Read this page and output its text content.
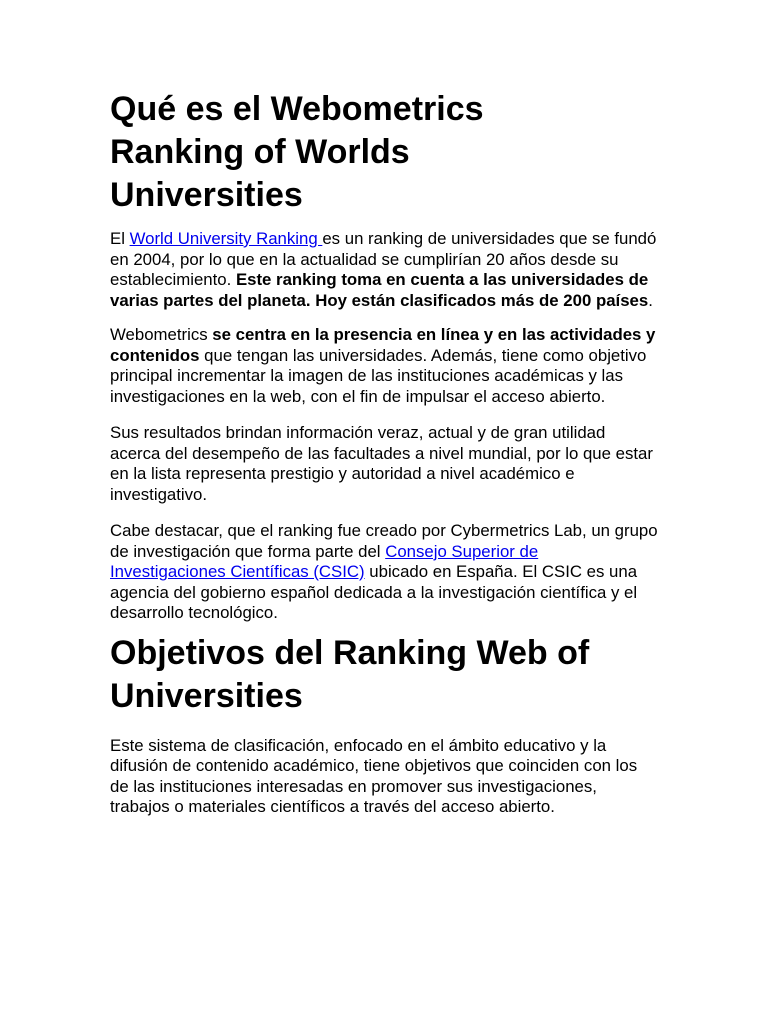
Qué es el Webometrics Ranking of Worlds Universities

El World University Ranking es un ranking de universidades que se fundó en 2004, por lo que en la actualidad se cumplirían 20 años desde su establecimiento. Este ranking toma en cuenta a las universidades de varias partes del planeta. Hoy están clasificados más de 200 países.

Webometrics se centra en la presencia en línea y en las actividades y contenidos que tengan las universidades. Además, tiene como objetivo principal incrementar la imagen de las instituciones académicas y las investigaciones en la web, con el fin de impulsar el acceso abierto.

Sus resultados brindan información veraz, actual y de gran utilidad acerca del desempeño de las facultades a nivel mundial, por lo que estar en la lista representa prestigio y autoridad a nivel académico e investigativo.

Cabe destacar, que el ranking fue creado por Cybermetrics Lab, un grupo de investigación que forma parte del Consejo Superior de Investigaciones Científicas (CSIC) ubicado en España. El CSIC es una agencia del gobierno español dedicada a la investigación científica y el desarrollo tecnológico.

Objetivos del Ranking Web of Universities

Este sistema de clasificación, enfocado en el ámbito educativo y la difusión de contenido académico, tiene objetivos que coinciden con los de las instituciones interesadas en promover sus investigaciones, trabajos o materiales científicos a través del acceso abierto.
